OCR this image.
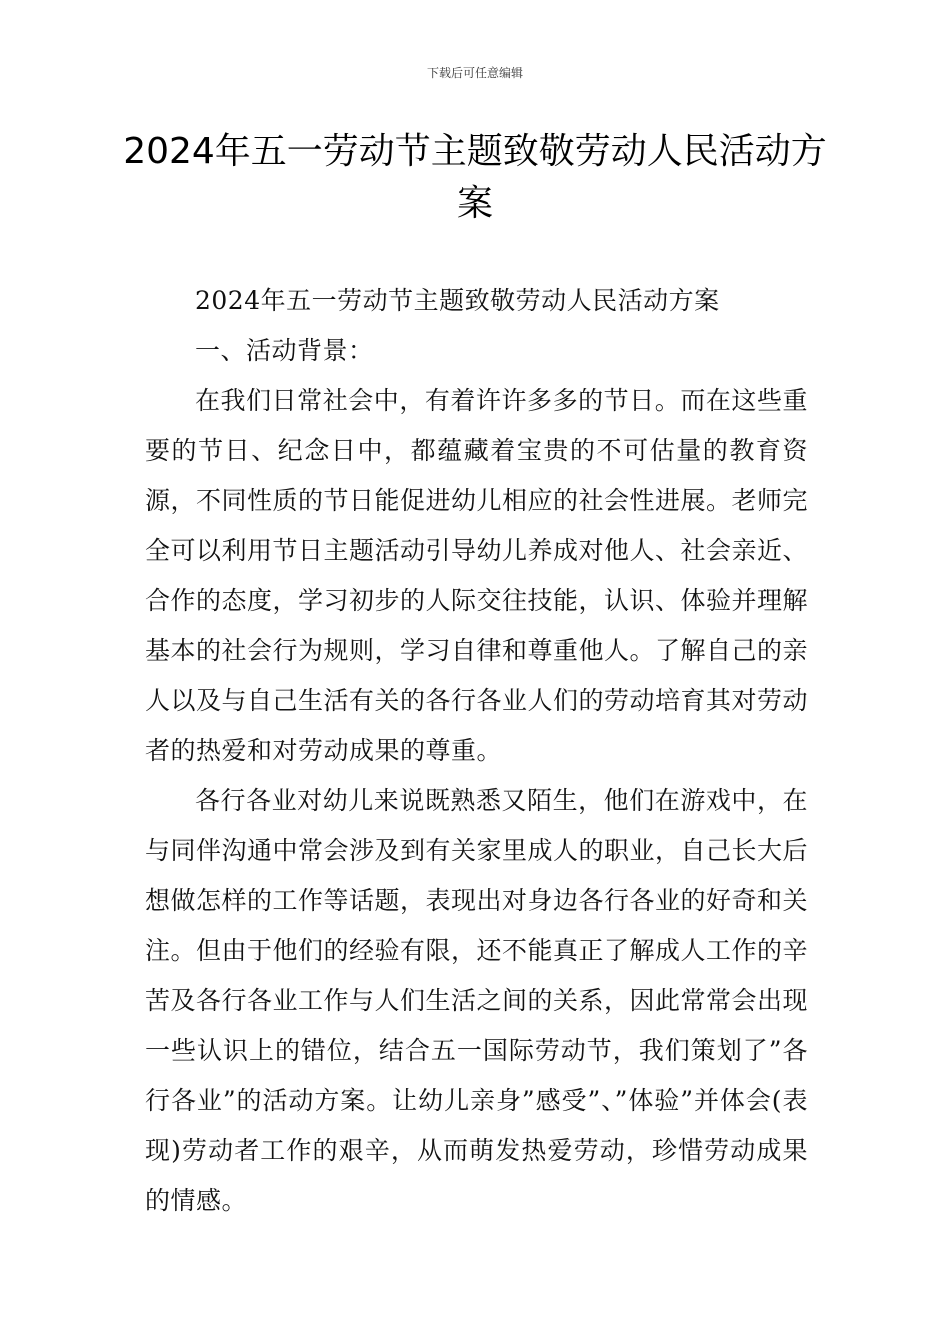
下载后可任意编辑
2024年五一劳动节主题致敬劳动人民活动方案

2024年五一劳动节主题致敬劳动人民活动方案

一、活动背景：

在我们日常社会中，有着许许多多的节日。而在这些重要的节日、纪念日中，都蕴藏着宝贵的不可估量的教育资源，不同性质的节日能促进幼儿相应的社会性进展。老师完全可以利用节日主题活动引导幼儿养成对他人、社会亲近、合作的态度，学习初步的人际交往技能，认识、体验并理解基本的社会行为规则，学习自律和尊重他人。了解自己的亲人以及与自己生活有关的各行各业人们的劳动培育其对劳动者的热爱和对劳动成果的尊重。

各行各业对幼儿来说既熟悉又陌生，他们在游戏中，在与同伴沟通中常会涉及到有关家里成人的职业，自己长大后想做怎样的工作等话题，表现出对身边各行各业的好奇和关注。但由于他们的经验有限，还不能真正了解成人工作的辛苦及各行各业工作与人们生活之间的关系，因此常常会出现一些认识上的错位，结合五一国际劳动节，我们策划了”各行各业”的活动方案。让幼儿亲身”感受”、”体验”并体会(表现)劳动者工作的艰辛，从而萌发热爱劳动，珍惜劳动成果的情感。
